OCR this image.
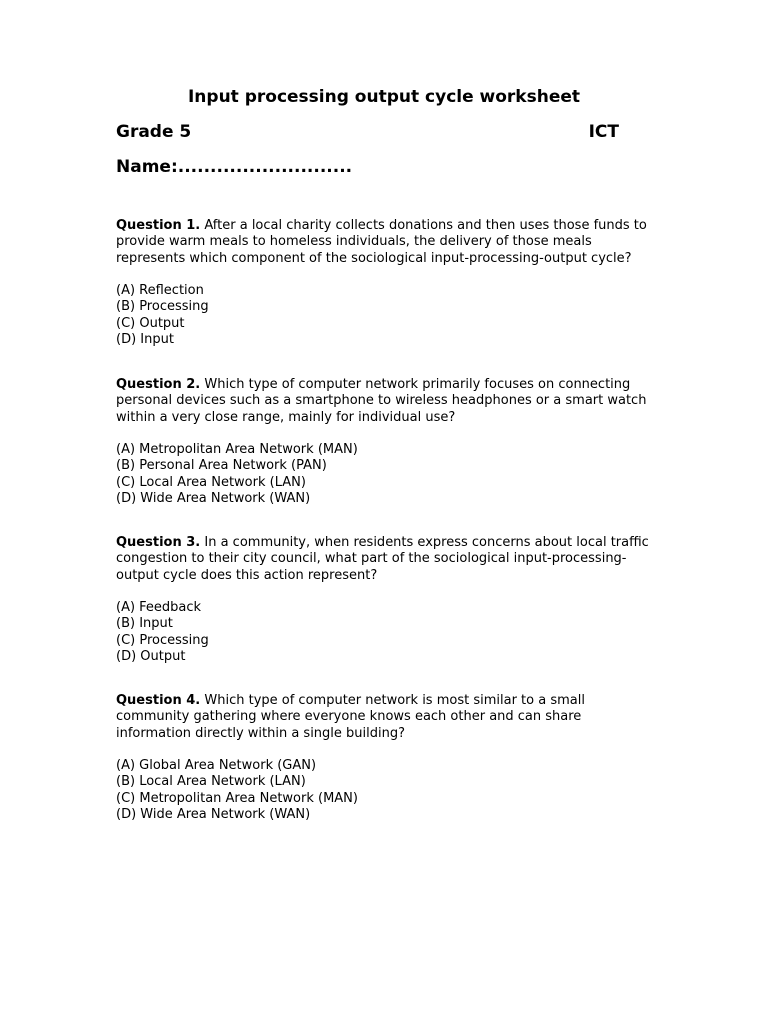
Input processing output cycle worksheet
Grade 5	ICT
Name:...........................

Question 1. After a local charity collects donations and then uses those funds to provide warm meals to homeless individuals, the delivery of those meals represents which component of the sociological input-processing-output cycle?

(A) Reflection
(B) Processing
(C) Output
(D) Input

Question 2. Which type of computer network primarily focuses on connecting personal devices such as a smartphone to wireless headphones or a smart watch within a very close range, mainly for individual use?

(A) Metropolitan Area Network (MAN)
(B) Personal Area Network (PAN)
(C) Local Area Network (LAN)
(D) Wide Area Network (WAN)

Question 3. In a community, when residents express concerns about local traffic congestion to their city council, what part of the sociological input-processing-output cycle does this action represent?

(A) Feedback
(B) Input
(C) Processing
(D) Output

Question 4. Which type of computer network is most similar to a small community gathering where everyone knows each other and can share information directly within a single building?

(A) Global Area Network (GAN)
(B) Local Area Network (LAN)
(C) Metropolitan Area Network (MAN)
(D) Wide Area Network (WAN)
